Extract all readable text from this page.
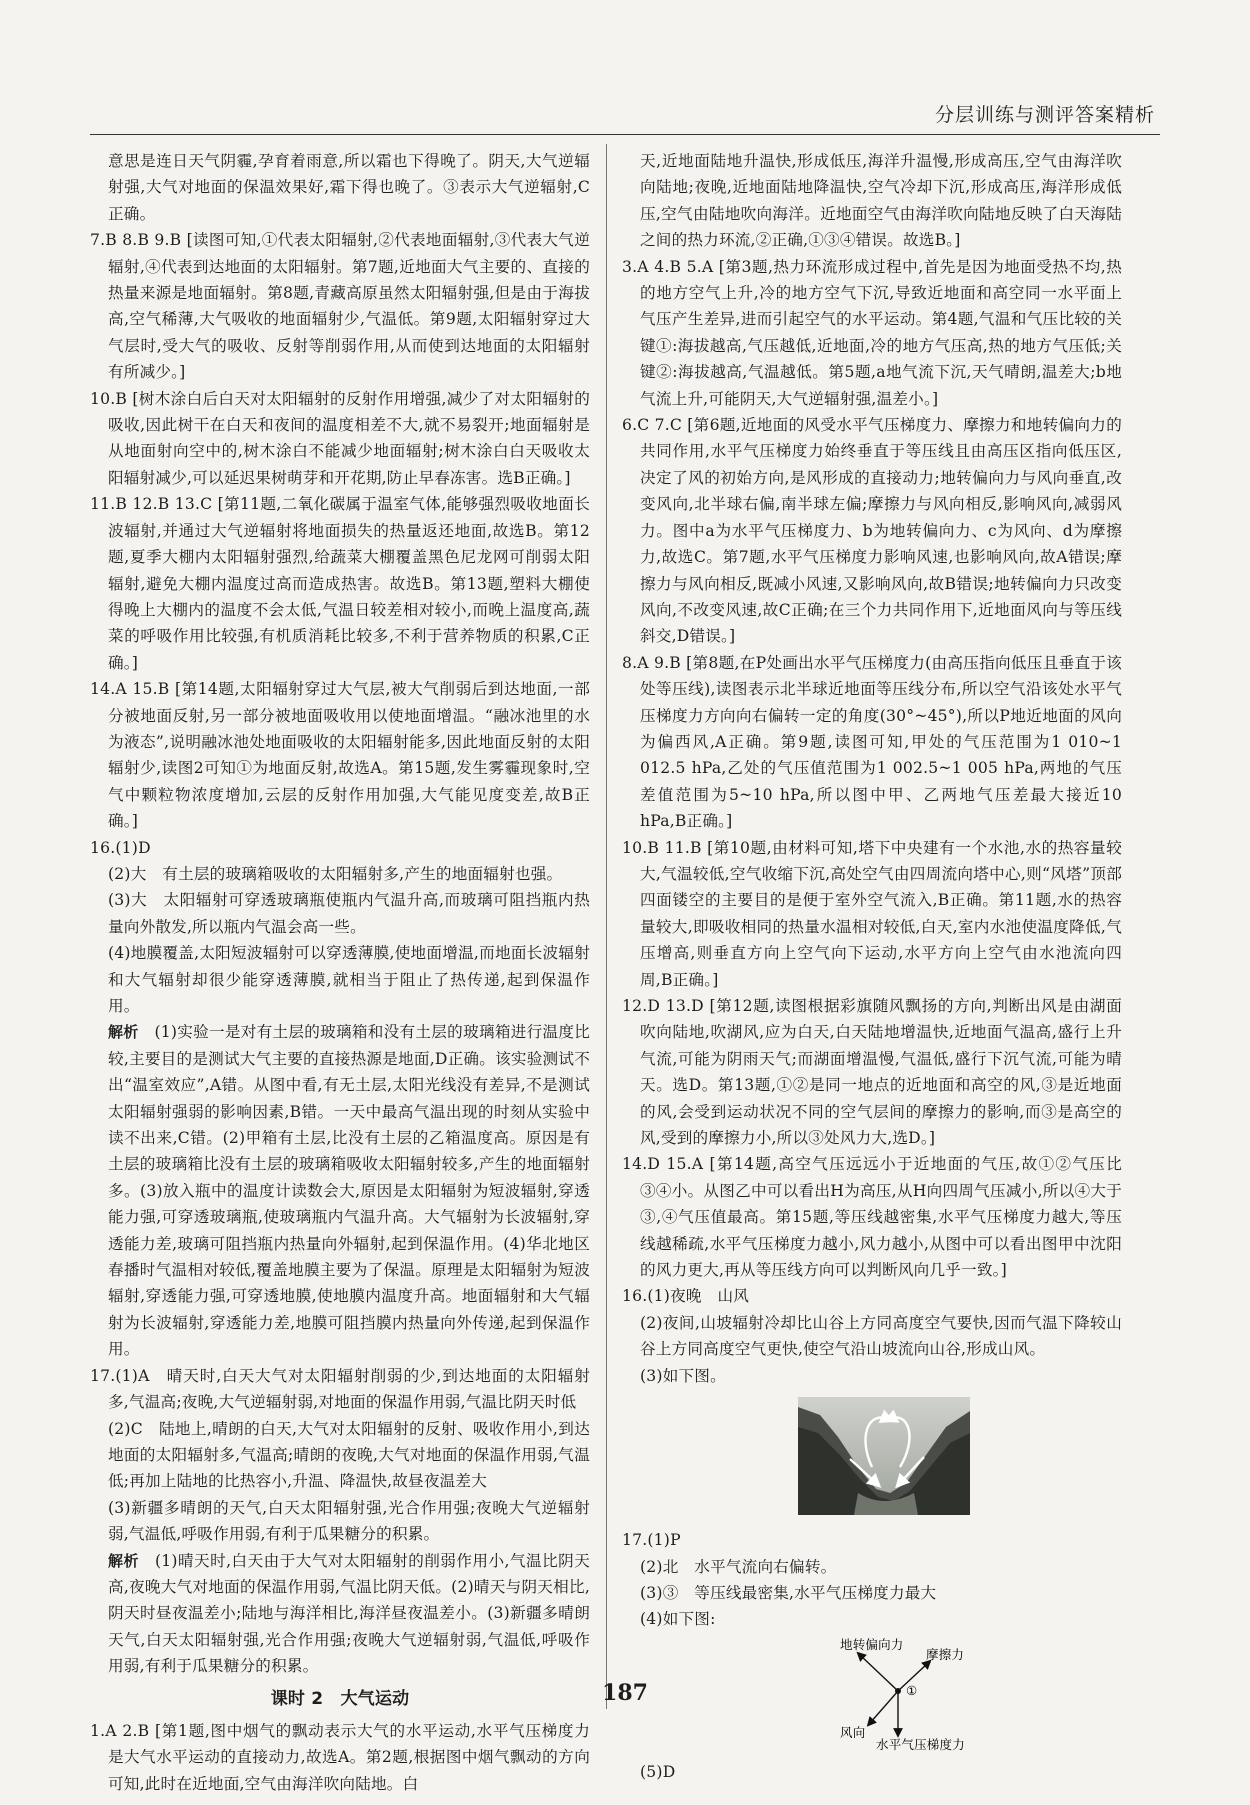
分层训练与测评答案精析

意思是连日天气阴霾,孕育着雨意,所以霜也下得晚了。阴天,大气逆辐射强,大气对地面的保温效果好,霜下得也晚了。③表示大气逆辐射,C正确。

7.B 8.B 9.B [读图可知,①代表太阳辐射,②代表地面辐射,③代表大气逆辐射,④代表到达地面的太阳辐射。第7题,近地面大气主要的、直接的热量来源是地面辐射。第8题,青藏高原虽然太阳辐射强,但是由于海拔高,空气稀薄,大气吸收的地面辐射少,气温低。第9题,太阳辐射穿过大气层时,受大气的吸收、反射等削弱作用,从而使到达地面的太阳辐射有所减少。]

10.B [树木涂白后白天对太阳辐射的反射作用增强,减少了对太阳辐射的吸收,因此树干在白天和夜间的温度相差不大,就不易裂开;地面辐射是从地面射向空中的,树木涂白不能减少地面辐射;树木涂白白天吸收太阳辐射减少,可以延迟果树萌芽和开花期,防止早春冻害。选B正确。]

11.B 12.B 13.C [第11题,二氧化碳属于温室气体,能够强烈吸收地面长波辐射,并通过大气逆辐射将地面损失的热量返还地面,故选B。第12题,夏季大棚内太阳辐射强烈,给蔬菜大棚覆盖黑色尼龙网可削弱太阳辐射,避免大棚内温度过高而造成热害。故选B。第13题,塑料大棚使得晚上大棚内的温度不会太低,气温日较差相对较小,而晚上温度高,蔬菜的呼吸作用比较强,有机质消耗比较多,不利于营养物质的积累,C正确。]

14.A 15.B [第14题,太阳辐射穿过大气层,被大气削弱后到达地面,一部分被地面反射,另一部分被地面吸收用以使地面增温。“融冰池里的水为液态”,说明融冰池处地面吸收的太阳辐射能多,因此地面反射的太阳辐射少,读图2可知①为地面反射,故选A。第15题,发生雾霾现象时,空气中颗粒物浓度增加,云层的反射作用加强,大气能见度变差,故B正确。]

16.(1)D

(2)大　有土层的玻璃箱吸收的太阳辐射多,产生的地面辐射也强。

(3)大　太阳辐射可穿透玻璃瓶使瓶内气温升高,而玻璃可阻挡瓶内热量向外散发,所以瓶内气温会高一些。

(4)地膜覆盖,太阳短波辐射可以穿透薄膜,使地面增温,而地面长波辐射和大气辐射却很少能穿透薄膜,就相当于阻止了热传递,起到保温作用。

解析　 (1)实验一是对有土层的玻璃箱和没有土层的玻璃箱进行温度比较,主要目的是测试大气主要的直接热源是地面,D正确。该实验测试不出“温室效应”,A错。从图中看,有无土层,太阳光线没有差异,不是测试太阳辐射强弱的影响因素,B错。一天中最高气温出现的时刻从实验中读不出来,C错。(2)甲箱有土层,比没有土层的乙箱温度高。原因是有土层的玻璃箱比没有土层的玻璃箱吸收太阳辐射较多,产生的地面辐射多。(3)放入瓶中的温度计读数会大,原因是太阳辐射为短波辐射,穿透能力强,可穿透玻璃瓶,使玻璃瓶内气温升高。大气辐射为长波辐射,穿透能力差,玻璃可阻挡瓶内热量向外辐射,起到保温作用。(4)华北地区春播时气温相对较低,覆盖地膜主要为了保温。原理是太阳辐射为短波辐射,穿透能力强,可穿透地膜,使地膜内温度升高。地面辐射和大气辐射为长波辐射,穿透能力差,地膜可阻挡膜内热量向外传递,起到保温作用。

17.(1)A　晴天时,白天大气对太阳辐射削弱的少,到达地面的太阳辐射多,气温高;夜晚,大气逆辐射弱,对地面的保温作用弱,气温比阴天时低

(2)C　陆地上,晴朗的白天,大气对太阳辐射的反射、吸收作用小,到达地面的太阳辐射多,气温高;晴朗的夜晚,大气对地面的保温作用弱,气温低;再加上陆地的比热容小,升温、降温快,故昼夜温差大

(3)新疆多晴朗的天气,白天太阳辐射强,光合作用强;夜晚大气逆辐射弱,气温低,呼吸作用弱,有利于瓜果糖分的积累。

解析　 (1)晴天时,白天由于大气对太阳辐射的削弱作用小,气温比阴天高,夜晚大气对地面的保温作用弱,气温比阴天低。(2)晴天与阴天相比,阴天时昼夜温差小;陆地与海洋相比,海洋昼夜温差小。(3)新疆多晴朗天气,白天太阳辐射强,光合作用强;夜晚大气逆辐射弱,气温低,呼吸作用弱,有利于瓜果糖分的积累。

课时 2　大气运动

1.A 2.B [第1题,图中烟气的飘动表示大气的水平运动,水平气压梯度力是大气水平运动的直接动力,故选A。第2题,根据图中烟气飘动的方向可知,此时在近地面,空气由海洋吹向陆地。白

天,近地面陆地升温快,形成低压,海洋升温慢,形成高压,空气由海洋吹向陆地;夜晚,近地面陆地降温快,空气冷却下沉,形成高压,海洋形成低压,空气由陆地吹向海洋。近地面空气由海洋吹向陆地反映了白天海陆之间的热力环流,②正确,①③④错误。故选B。]

3.A 4.B 5.A [第3题,热力环流形成过程中,首先是因为地面受热不均,热的地方空气上升,冷的地方空气下沉,导致近地面和高空同一水平面上气压产生差异,进而引起空气的水平运动。第4题,气温和气压比较的关键①:海拔越高,气压越低,近地面,冷的地方气压高,热的地方气压低;关键②:海拔越高,气温越低。第5题,a地气流下沉,天气晴朗,温差大;b地气流上升,可能阴天,大气逆辐射强,温差小。]

6.C 7.C [第6题,近地面的风受水平气压梯度力、摩擦力和地转偏向力的共同作用,水平气压梯度力始终垂直于等压线且由高压区指向低压区,决定了风的初始方向,是风形成的直接动力;地转偏向力与风向垂直,改变风向,北半球右偏,南半球左偏;摩擦力与风向相反,影响风向,减弱风力。图中a为水平气压梯度力、b为地转偏向力、c为风向、d为摩擦力,故选C。第7题,水平气压梯度力影响风速,也影响风向,故A错误;摩擦力与风向相反,既减小风速,又影响风向,故B错误;地转偏向力只改变风向,不改变风速,故C正确;在三个力共同作用下,近地面风向与等压线斜交,D错误。]

8.A 9.B [第8题,在P处画出水平气压梯度力(由高压指向低压且垂直于该处等压线),读图表示北半球近地面等压线分布,所以空气沿该处水平气压梯度力方向向右偏转一定的角度(30°~45°),所以P地近地面的风向为偏西风,A正确。第9题,读图可知,甲处的气压范围为1 010~1 012.5 hPa,乙处的气压值范围为1 002.5~1 005 hPa,两地的气压差值范围为5~10 hPa,所以图中甲、乙两地气压差最大接近10 hPa,B正确。]

10.B 11.B [第10题,由材料可知,塔下中央建有一个水池,水的热容量较大,气温较低,空气收缩下沉,高处空气由四周流向塔中心,则“风塔”顶部四面镂空的主要目的是便于室外空气流入,B正确。第11题,水的热容量较大,即吸收相同的热量水温相对较低,白天,室内水池使温度降低,气压增高,则垂直方向上空气向下运动,水平方向上空气由水池流向四周,B正确。]

12.D 13.D [第12题,读图根据彩旗随风飘扬的方向,判断出风是由湖面吹向陆地,吹湖风,应为白天,白天陆地增温快,近地面气温高,盛行上升气流,可能为阴雨天气;而湖面增温慢,气温低,盛行下沉气流,可能为晴天。选D。第13题,①②是同一地点的近地面和高空的风,③是近地面的风,会受到运动状况不同的空气层间的摩擦力的影响,而③是高空的风,受到的摩擦力小,所以③处风力大,选D。]

14.D 15.A [第14题,高空气压远远小于近地面的气压,故①②气压比③④小。从图乙中可以看出H为高压,从H向四周气压减小,所以④大于③,④气压值最高。第15题,等压线越密集,水平气压梯度力越大,等压线越稀疏,水平气压梯度力越小,风力越小,从图中可以看出图甲中沈阳的风力更大,再从等压线方向可以判断风向几乎一致。]

16.(1)夜晚　山风

(2)夜间,山坡辐射冷却比山谷上方同高度空气要快,因而气温下降较山谷上方同高度空气更快,使空气沿山坡流向山谷,形成山风。

(3)如下图。

17.(1)P

(2)北　水平气流向右偏转。

(3)③　等压线最密集,水平气压梯度力最大

(4)如下图:

地转偏向力
摩擦力
①
风向
水平气压梯度力

(5)D

187
